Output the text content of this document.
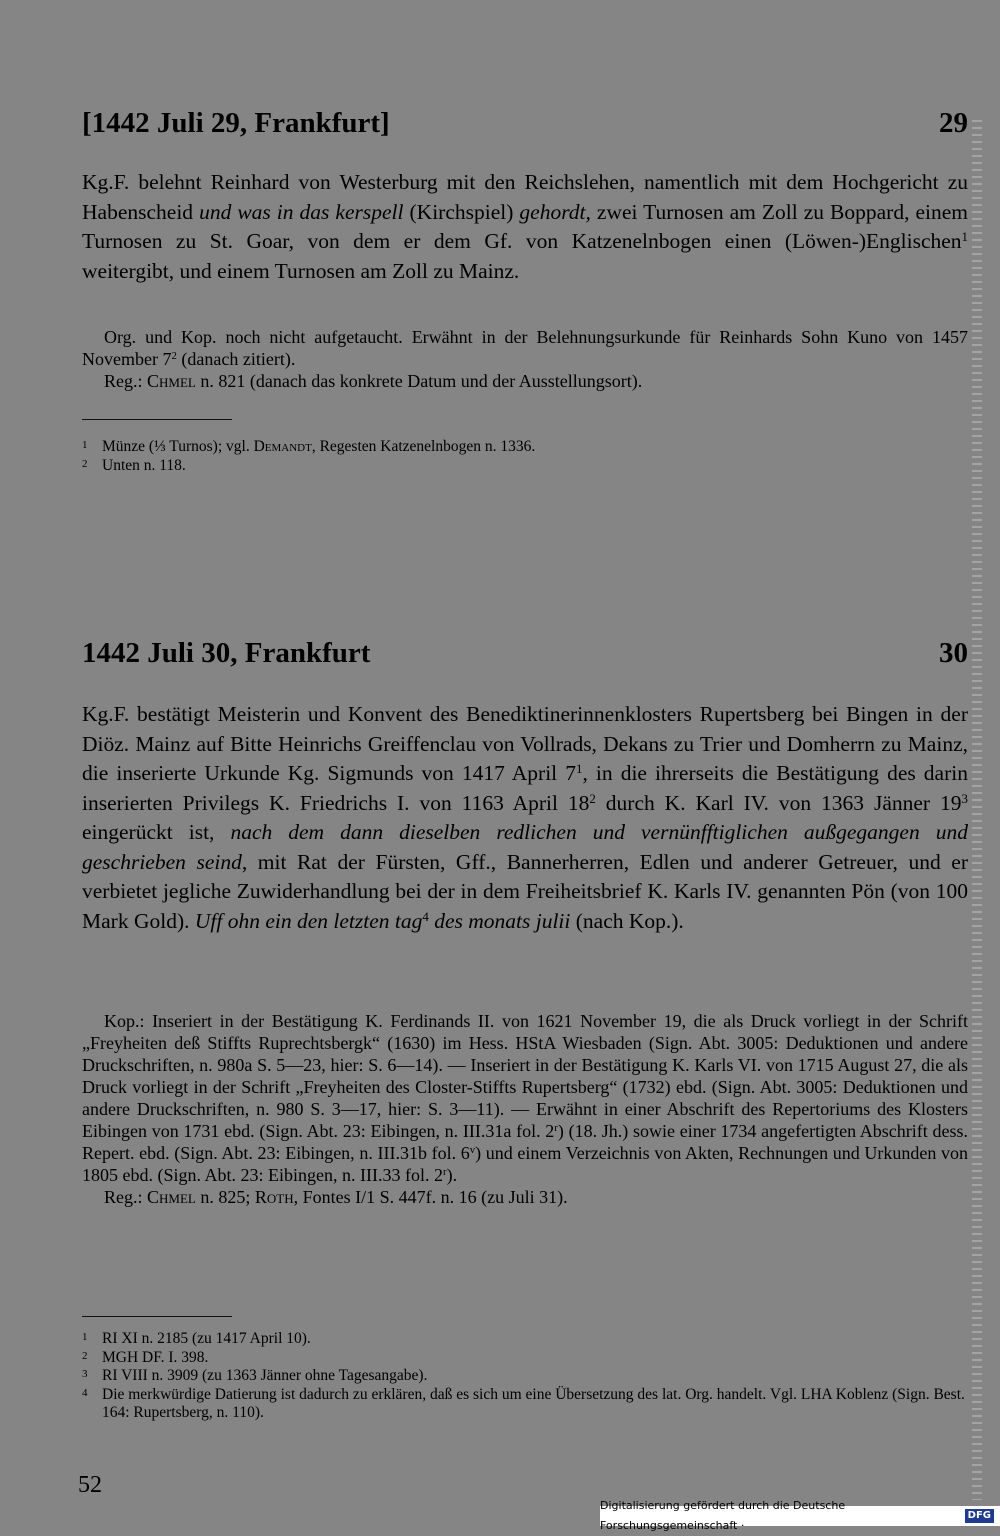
[1442 Juli 29, Frankfurt]	29

Kg.F. belehnt Reinhard von Westerburg mit den Reichslehen, namentlich mit dem Hochgericht zu Habenscheid und was in das kerspell (Kirchspiel) gehordt, zwei Turnosen am Zoll zu Boppard, einem Turnosen zu St. Goar, von dem er dem Gf. von Katzenelnbogen einen (Löwen-)Englischen$^1$ weitergibt, und einem Turnosen am Zoll zu Mainz.

Org. und Kop. noch nicht aufgetaucht. Erwähnt in der Belehnungsurkunde für Reinhards Sohn Kuno von 1457 November $7^2$ (danach zitiert).

Reg.: Chmel n. 821 (danach das konkrete Datum und der Ausstellungsort).

1 Münze (⅓ Turnos); vgl. Demandt, Regesten Katzenelnbogen n. 1336.
2 Unten n. 118.
1442 Juli 30, Frankfurt	30

Kg.F. bestätigt Meisterin und Konvent des Benediktinerinnenklosters Rupertsberg bei Bingen in der Diöz. Mainz auf Bitte Heinrichs Greiffenclau von Vollrads, Dekans zu Trier und Domherrn zu Mainz, die inserierte Urkunde Kg. Sigmunds von 1417 April $7^1$, in die ihrerseits die Bestätigung des darin inserierten Privilegs K. Friedrichs I. von 1163 April $18^2$ durch K. Karl IV. von 1363 Jänner $19^3$ eingerückt ist, nach dem dann dieselben redlichen und vernünfftiglichen außgegangen und geschrieben seind, mit Rat der Fürsten, Gff., Bannerherren, Edlen und anderer Getreuer, und er verbietet jegliche Zuwiderhandlung bei der in dem Freiheitsbrief K. Karls IV. genannten Pön (von 100 Mark Gold). Uff ohn ein den letzten tag$^4$ des monats julii (nach Kop.).

Kop.: Inseriert in der Bestätigung K. Ferdinands II. von 1621 November 19, die als Druck vorliegt in der Schrift „Freyheiten deß Stiffts Ruprechtsbergk“ (1630) im Hess. HStA Wiesbaden (Sign. Abt. 3005: Deduktionen und andere Druckschriften, n. 980a S. 5—23, hier: S. 6—14). — Inseriert in der Bestätigung K. Karls VI. von 1715 August 27, die als Druck vorliegt in der Schrift „Freyheiten des Closter-Stiffts Rupertsberg“ (1732) ebd. (Sign. Abt. 3005: Deduktionen und andere Druckschriften, n. 980 S. 3—17, hier: S. 3—11). — Erwähnt in einer Abschrift des Repertoriums des Klosters Eibingen von 1731 ebd. (Sign. Abt. 23: Eibingen, n. III.31a fol. 2$^r$) (18. Jh.) sowie einer 1734 angefertigten Abschrift dess. Repert. ebd. (Sign. Abt. 23: Eibingen, n. III.31b fol. 6$^v$) und einem Verzeichnis von Akten, Rechnungen und Urkunden von 1805 ebd. (Sign. Abt. 23: Eibingen, n. III.33 fol. 2$^r$).

Reg.: Chmel n. 825; Roth, Fontes I/1 S. 447f. n. 16 (zu Juli 31).

1 RI XI n. 2185 (zu 1417 April 10).
2 MGH DF. I. 398.
3 RI VIII n. 3909 (zu 1363 Jänner ohne Tagesangabe).
4 Die merkwürdige Datierung ist dadurch zu erklären, daß es sich um eine Übersetzung des lat. Org. handelt. Vgl. LHA Koblenz (Sign. Best. 164: Rupertsberg, n. 110).
52
Digitalisierung gefördert durch die Deutsche Forschungsgemeinschaft ·
DFG
